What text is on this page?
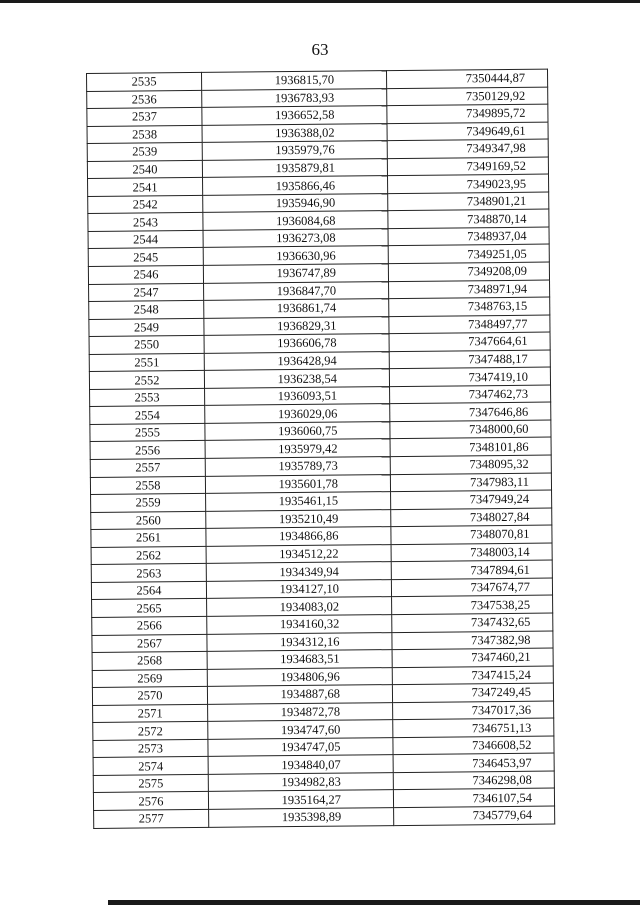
63
2535	1936815,70	7350444,87
2536	1936783,93	7350129,92
2537	1936652,58	7349895,72
2538	1936388,02	7349649,61
2539	1935979,76	7349347,98
2540	1935879,81	7349169,52
2541	1935866,46	7349023,95
2542	1935946,90	7348901,21
2543	1936084,68	7348870,14
2544	1936273,08	7348937,04
2545	1936630,96	7349251,05
2546	1936747,89	7349208,09
2547	1936847,70	7348971,94
2548	1936861,74	7348763,15
2549	1936829,31	7348497,77
2550	1936606,78	7347664,61
2551	1936428,94	7347488,17
2552	1936238,54	7347419,10
2553	1936093,51	7347462,73
2554	1936029,06	7347646,86
2555	1936060,75	7348000,60
2556	1935979,42	7348101,86
2557	1935789,73	7348095,32
2558	1935601,78	7347983,11
2559	1935461,15	7347949,24
2560	1935210,49	7348027,84
2561	1934866,86	7348070,81
2562	1934512,22	7348003,14
2563	1934349,94	7347894,61
2564	1934127,10	7347674,77
2565	1934083,02	7347538,25
2566	1934160,32	7347432,65
2567	1934312,16	7347382,98
2568	1934683,51	7347460,21
2569	1934806,96	7347415,24
2570	1934887,68	7347249,45
2571	1934872,78	7347017,36
2572	1934747,60	7346751,13
2573	1934747,05	7346608,52
2574	1934840,07	7346453,97
2575	1934982,83	7346298,08
2576	1935164,27	7346107,54
2577	1935398,89	7345779,64
